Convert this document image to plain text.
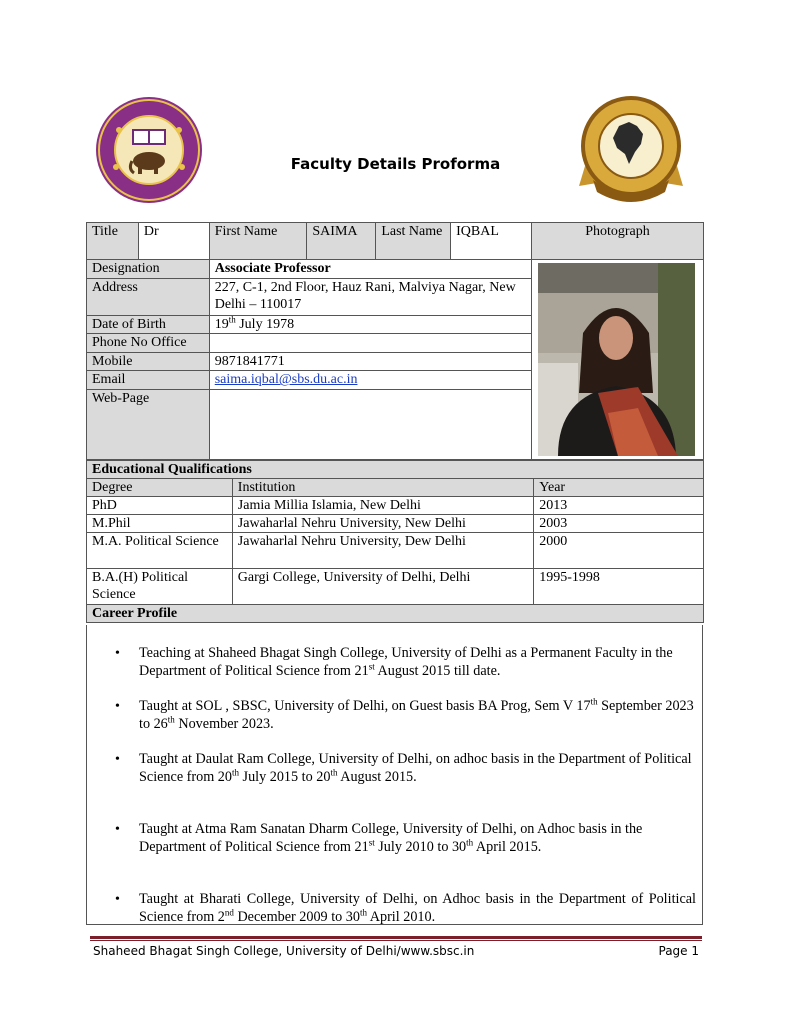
Faculty Details Proforma
Title	Dr	First Name	SAIMA	Last Name	IQBAL	Photograph
Designation		Associate Professor	

Address		227, C-1, 2nd Floor, Hauz Rani, Malviya Nagar, New Delhi – 110017				
Date of Birth		19th July 1978				
Phone No Office						
Mobile		9871841771				
Email		saima.iqbal@sbs.du.ac.in				
Web-Page						
Educational Qualifications		
Degree	Institution	Year
PhD	Jamia Millia Islamia, New Delhi	2013
M.Phil	Jawaharlal Nehru University, New Delhi	2003
M.A. Political Science	Jawaharlal Nehru University, Dew Delhi	2000
B.A.(H) Political Science	Gargi College, University of Delhi, Delhi	1995-1998
Career Profile		
• Teaching at Shaheed Bhagat Singh College, University of Delhi as a Permanent Faculty in the Department of Political Science from 21st August 2015 till date.
• Taught at SOL , SBSC, University of Delhi, on Guest basis BA Prog, Sem V 17th September 2023 to 26th November 2023.
• Taught at Daulat Ram College, University of Delhi, on adhoc basis in the Department of Political Science from 20th July 2015 to 20th August 2015.
• Taught at Atma Ram Sanatan Dharm College, University of Delhi, on Adhoc basis in the Department of Political Science from 21st July 2010 to 30th April 2015.
• Taught at Bharati College, University of Delhi, on Adhoc basis in the Department of Political Science from 2nd December 2009 to 30th April 2010.
Shaheed Bhagat Singh College, University of Delhi/www.sbsc.in	Page 1
